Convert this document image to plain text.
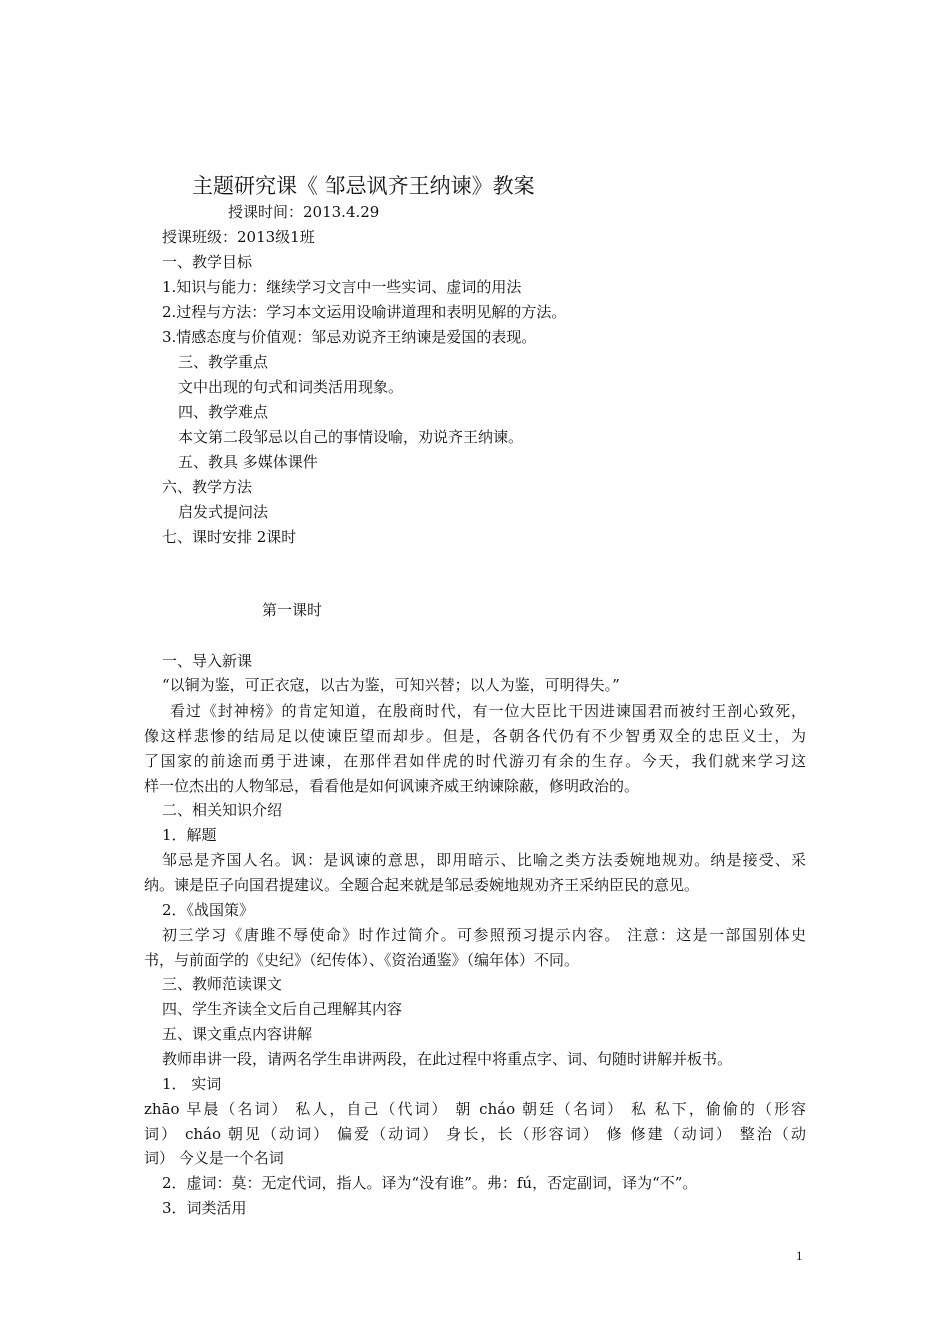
主题研究课《 邹忌讽齐王纳谏》教案
授课时间：2013.4.29
授课班级：2013级1班
一、教学目标
1.知识与能力：继续学习文言中一些实词、虚词的用法
2.过程与方法：学习本文运用设喻讲道理和表明见解的方法。
3.情感态度与价值观：邹忌劝说齐王纳谏是爱国的表现。
三、教学重点
文中出现的句式和词类活用现象。
四、教学难点
本文第二段邹忌以自己的事情设喻，劝说齐王纳谏。
五、教具 多媒体课件
六、教学方法
启发式提问法
七、课时安排 2课时
第一课时
一、导入新课
“以铜为鉴，可正衣寇，以古为鉴，可知兴替；以人为鉴，可明得失。”
看过《封神榜》的肯定知道，在殷商时代，有一位大臣比干因进谏国君而被纣王剖心致死，
像这样悲惨的结局足以使谏臣望而却步。但是，各朝各代仍有不少智勇双全的忠臣义士，为
了国家的前途而勇于进谏，在那伴君如伴虎的时代游刃有余的生存。今天，我们就来学习这
样一位杰出的人物邹忌，看看他是如何讽谏齐威王纳谏除蔽，修明政治的。
二、相关知识介绍
1．解题
邹忌是齐国人名。讽：是讽谏的意思，即用暗示、比喻之类方法委婉地规劝。纳是接受、采
纳。谏是臣子向国君提建议。全题合起来就是邹忌委婉地规劝齐王采纳臣民的意见。
2．《战国策》
初三学习《唐雎不辱使命》时作过简介。可参照预习提示内容。 注意：这是一部国别体史
书，与前面学的《史纪》（纪传体）、《资治通鉴》（编年体）不同。
三、教师范读课文
四、学生齐读全文后自己理解其内容
五、课文重点内容讲解
教师串讲一段，请两名学生串讲两段，在此过程中将重点字、词、句随时讲解并板书。
1． 实词
zhāo 早晨（名词） 私人，自己（代词） 朝 cháo 朝廷（名词） 私 私下，偷偷的（形容
词） cháo 朝见（动词） 偏爱（动词） 身长，长（形容词） 修 修建（动词） 整治（动
词） 今义是一个名词
2．虚词：莫：无定代词，指人。译为“没有谁”。弗：fú，否定副词，译为“不”。
3．词类活用
1
